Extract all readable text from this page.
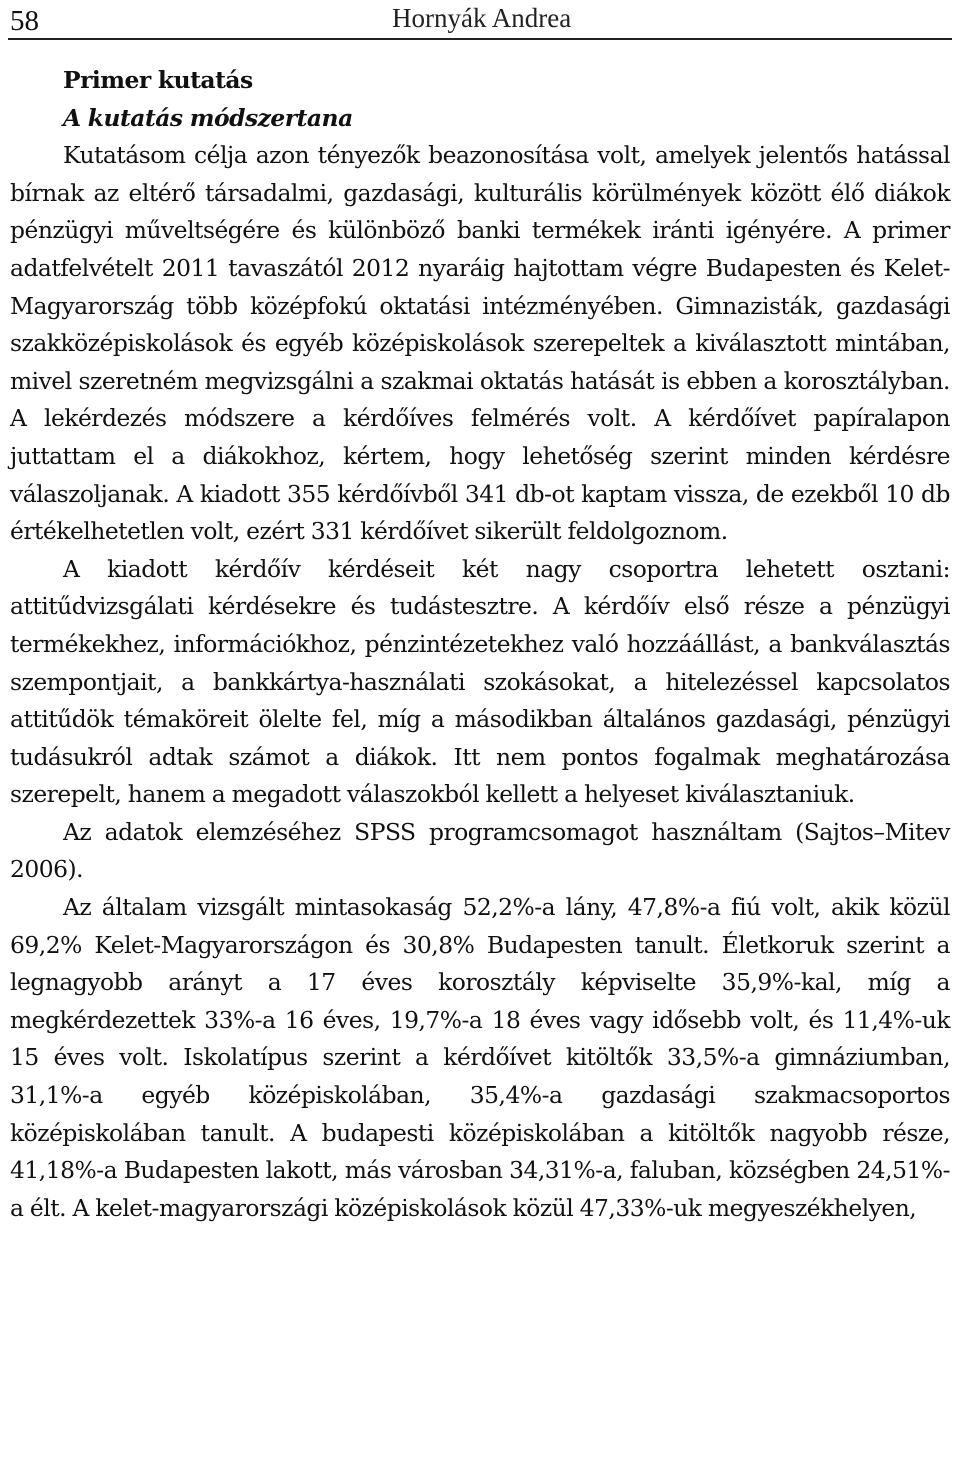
58	Hornyák Andrea
Primer kutatás
A kutatás módszertana

Kutatásom célja azon tényezők beazonosítása volt, amelyek jelentős hatással bírnak az eltérő társadalmi, gazdasági, kulturális körülmények között élő diákok pénzügyi műveltségére és különböző banki termékek iránti igényére. A primer adatfelvételt 2011 tavaszától 2012 nyaráig hajtottam végre Budapesten és Kelet-Magyarország több középfokú oktatási intézményében. Gimnazisták, gazdasági szakközépiskolások és egyéb középiskolások szerepeltek a kiválasztott mintában, mivel szeretném megvizsgálni a szakmai oktatás hatását is ebben a korosztályban. A lekérdezés módszere a kérdőíves felmérés volt. A kérdőívet papíralapon juttattam el a diákokhoz, kértem, hogy lehetőség szerint minden kérdésre válaszoljanak. A kiadott 355 kérdőívből 341 db-ot kaptam vissza, de ezekből 10 db értékelhetetlen volt, ezért 331 kérdőívet sikerült feldolgoznom.

A kiadott kérdőív kérdéseit két nagy csoportra lehetett osztani: attitűdvizsgálati kérdésekre és tudástesztre. A kérdőív első része a pénzügyi termékekhez, információkhoz, pénzintézetekhez való hozzáállást, a bankválasztás szempontjait, a bankkártya-használati szokásokat, a hitelezéssel kapcsolatos attitűdök témaköreit ölelte fel, míg a másodikban általános gazdasági, pénzügyi tudásukról adtak számot a diákok. Itt nem pontos fogalmak meghatározása szerepelt, hanem a megadott válaszokból kellett a helyeset kiválasztaniuk.

Az adatok elemzéséhez SPSS programcsomagot használtam (Sajtos–Mitev 2006).

Az általam vizsgált mintasokaság 52,2%-a lány, 47,8%-a fiú volt, akik közül 69,2% Kelet-Magyarországon és 30,8% Budapesten tanult. Életkoruk szerint a legnagyobb arányt a 17 éves korosztály képviselte 35,9%-kal, míg a megkérdezettek 33%-a 16 éves, 19,7%-a 18 éves vagy idősebb volt, és 11,4%-uk 15 éves volt. Iskolatípus szerint a kérdőívet kitöltők 33,5%-a gimnáziumban, 31,1%-a egyéb középiskolában, 35,4%-a gazdasági szakmacsoportos középiskolában tanult. A budapesti középiskolában a kitöltők nagyobb része, 41,18%-a Budapesten lakott, más városban 34,31%-a, faluban, községben 24,51%-a élt. A kelet-magyarországi középiskolások közül 47,33%-uk megyeszékhelyen,
